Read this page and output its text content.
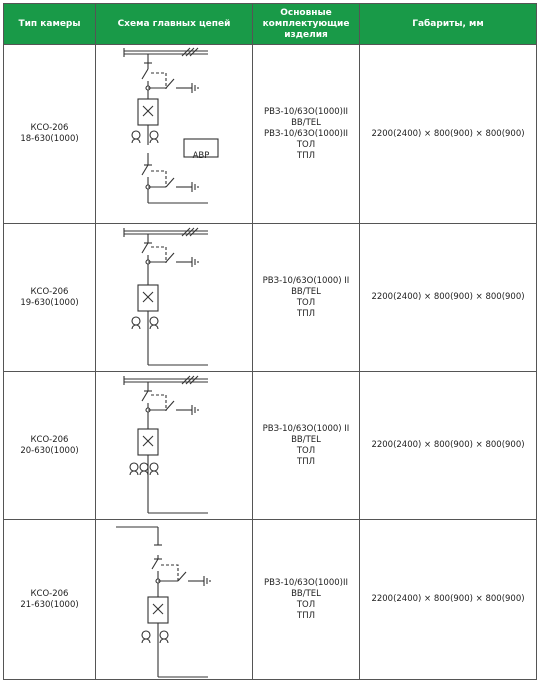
Тип камеры	Схема главных цепей	Основные
комплектующие
изделия	Габариты, мм

КСО-206
18-630(1000)	АВР	РВЗ-10/63О(1000)II
ВВ/TEL
РВЗ-10/63О(1000)II
ТОЛ
ТПЛ	2200(2400) × 800(900) × 800(900)

КСО-206
19-630(1000)		РВЗ-10/63О(1000) II
ВВ/TEL
ТОЛ
ТПЛ	2200(2400) × 800(900) × 800(900)

КСО-206
20-630(1000)		РВЗ-10/63О(1000) II
ВВ/TEL
ТОЛ
ТПЛ	2200(2400) × 800(900) × 800(900)

КСО-206
21-630(1000)		РВЗ-10/63О(1000)II
ВВ/TEL
ТОЛ
ТПЛ	2200(2400) × 800(900) × 800(900)
